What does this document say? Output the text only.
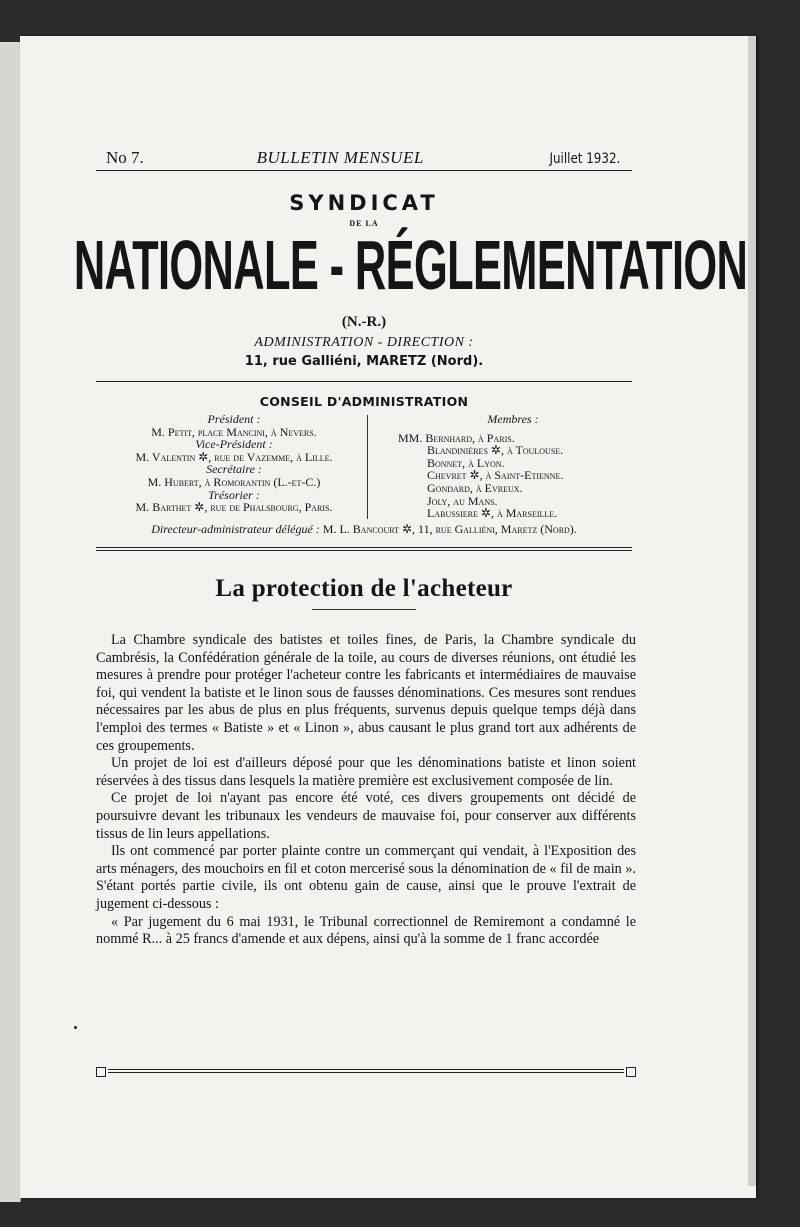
No 7.	BULLETIN MENSUEL	Juillet 1932.
SYNDICAT
DE LA
NATIONALE - RÉGLEMENTATION
(N.-R.)
ADMINISTRATION - DIRECTION :
11, rue Galliéni, MARETZ (Nord).
CONSEIL D'ADMINISTRATION
Président :
M. Petit, place Mancini, à Nevers.
Vice-Président :
M. Valentin ✲, rue de Vazemme, à Lille.
Secrétaire :
M. Hubert, à Romorantin (L.-et-C.)
Trésorier :
M. Barthet ✲, rue de Phalsbourg, Paris.
Membres :
MM. Bernhard, à Paris.
Blandinières ✲, à Toulouse.
Bonnet, à Lyon.
Chevret ✲, à Saint-Etienne.
Gondard, à Evreux.
Joly, au Mans.
Labussiere ✲, à Marseille.
Directeur-administrateur délégué : M. L. Bancourt ✲, 11, rue Galliéni, Maretz (Nord).
La protection de l'acheteur

La Chambre syndicale des batistes et toiles fines, de Paris, la Chambre syndicale du Cambrésis, la Confédération générale de la toile, au cours de diverses réunions, ont étudié les mesures à prendre pour protéger l'acheteur contre les fabricants et intermédiaires de mauvaise foi, qui vendent la batiste et le linon sous de fausses dénominations. Ces mesures sont rendues nécessaires par les abus de plus en plus fréquents, survenus depuis quelque temps déjà dans l'emploi des termes « Batiste » et « Linon », abus causant le plus grand tort aux adhérents de ces groupements.

Un projet de loi est d'ailleurs déposé pour que les dénominations batiste et linon soient réservées à des tissus dans lesquels la matière première est exclusivement composée de lin.

Ce projet de loi n'ayant pas encore été voté, ces divers groupements ont décidé de poursuivre devant les tribunaux les vendeurs de mauvaise foi, pour conserver aux différents tissus de lin leurs appellations.

Ils ont commencé par porter plainte contre un commerçant qui vendait, à l'Exposition des arts ménagers, des mouchoirs en fil et coton mercerisé sous la dénomination de « fil de main ». S'étant portés partie civile, ils ont obtenu gain de cause, ainsi que le prouve l'extrait de jugement ci-dessous :

« Par jugement du 6 mai 1931, le Tribunal correctionnel de Remiremont a condamné le nommé R... à 25 francs d'amende et aux dépens, ainsi qu'à la somme de 1 franc accordée
